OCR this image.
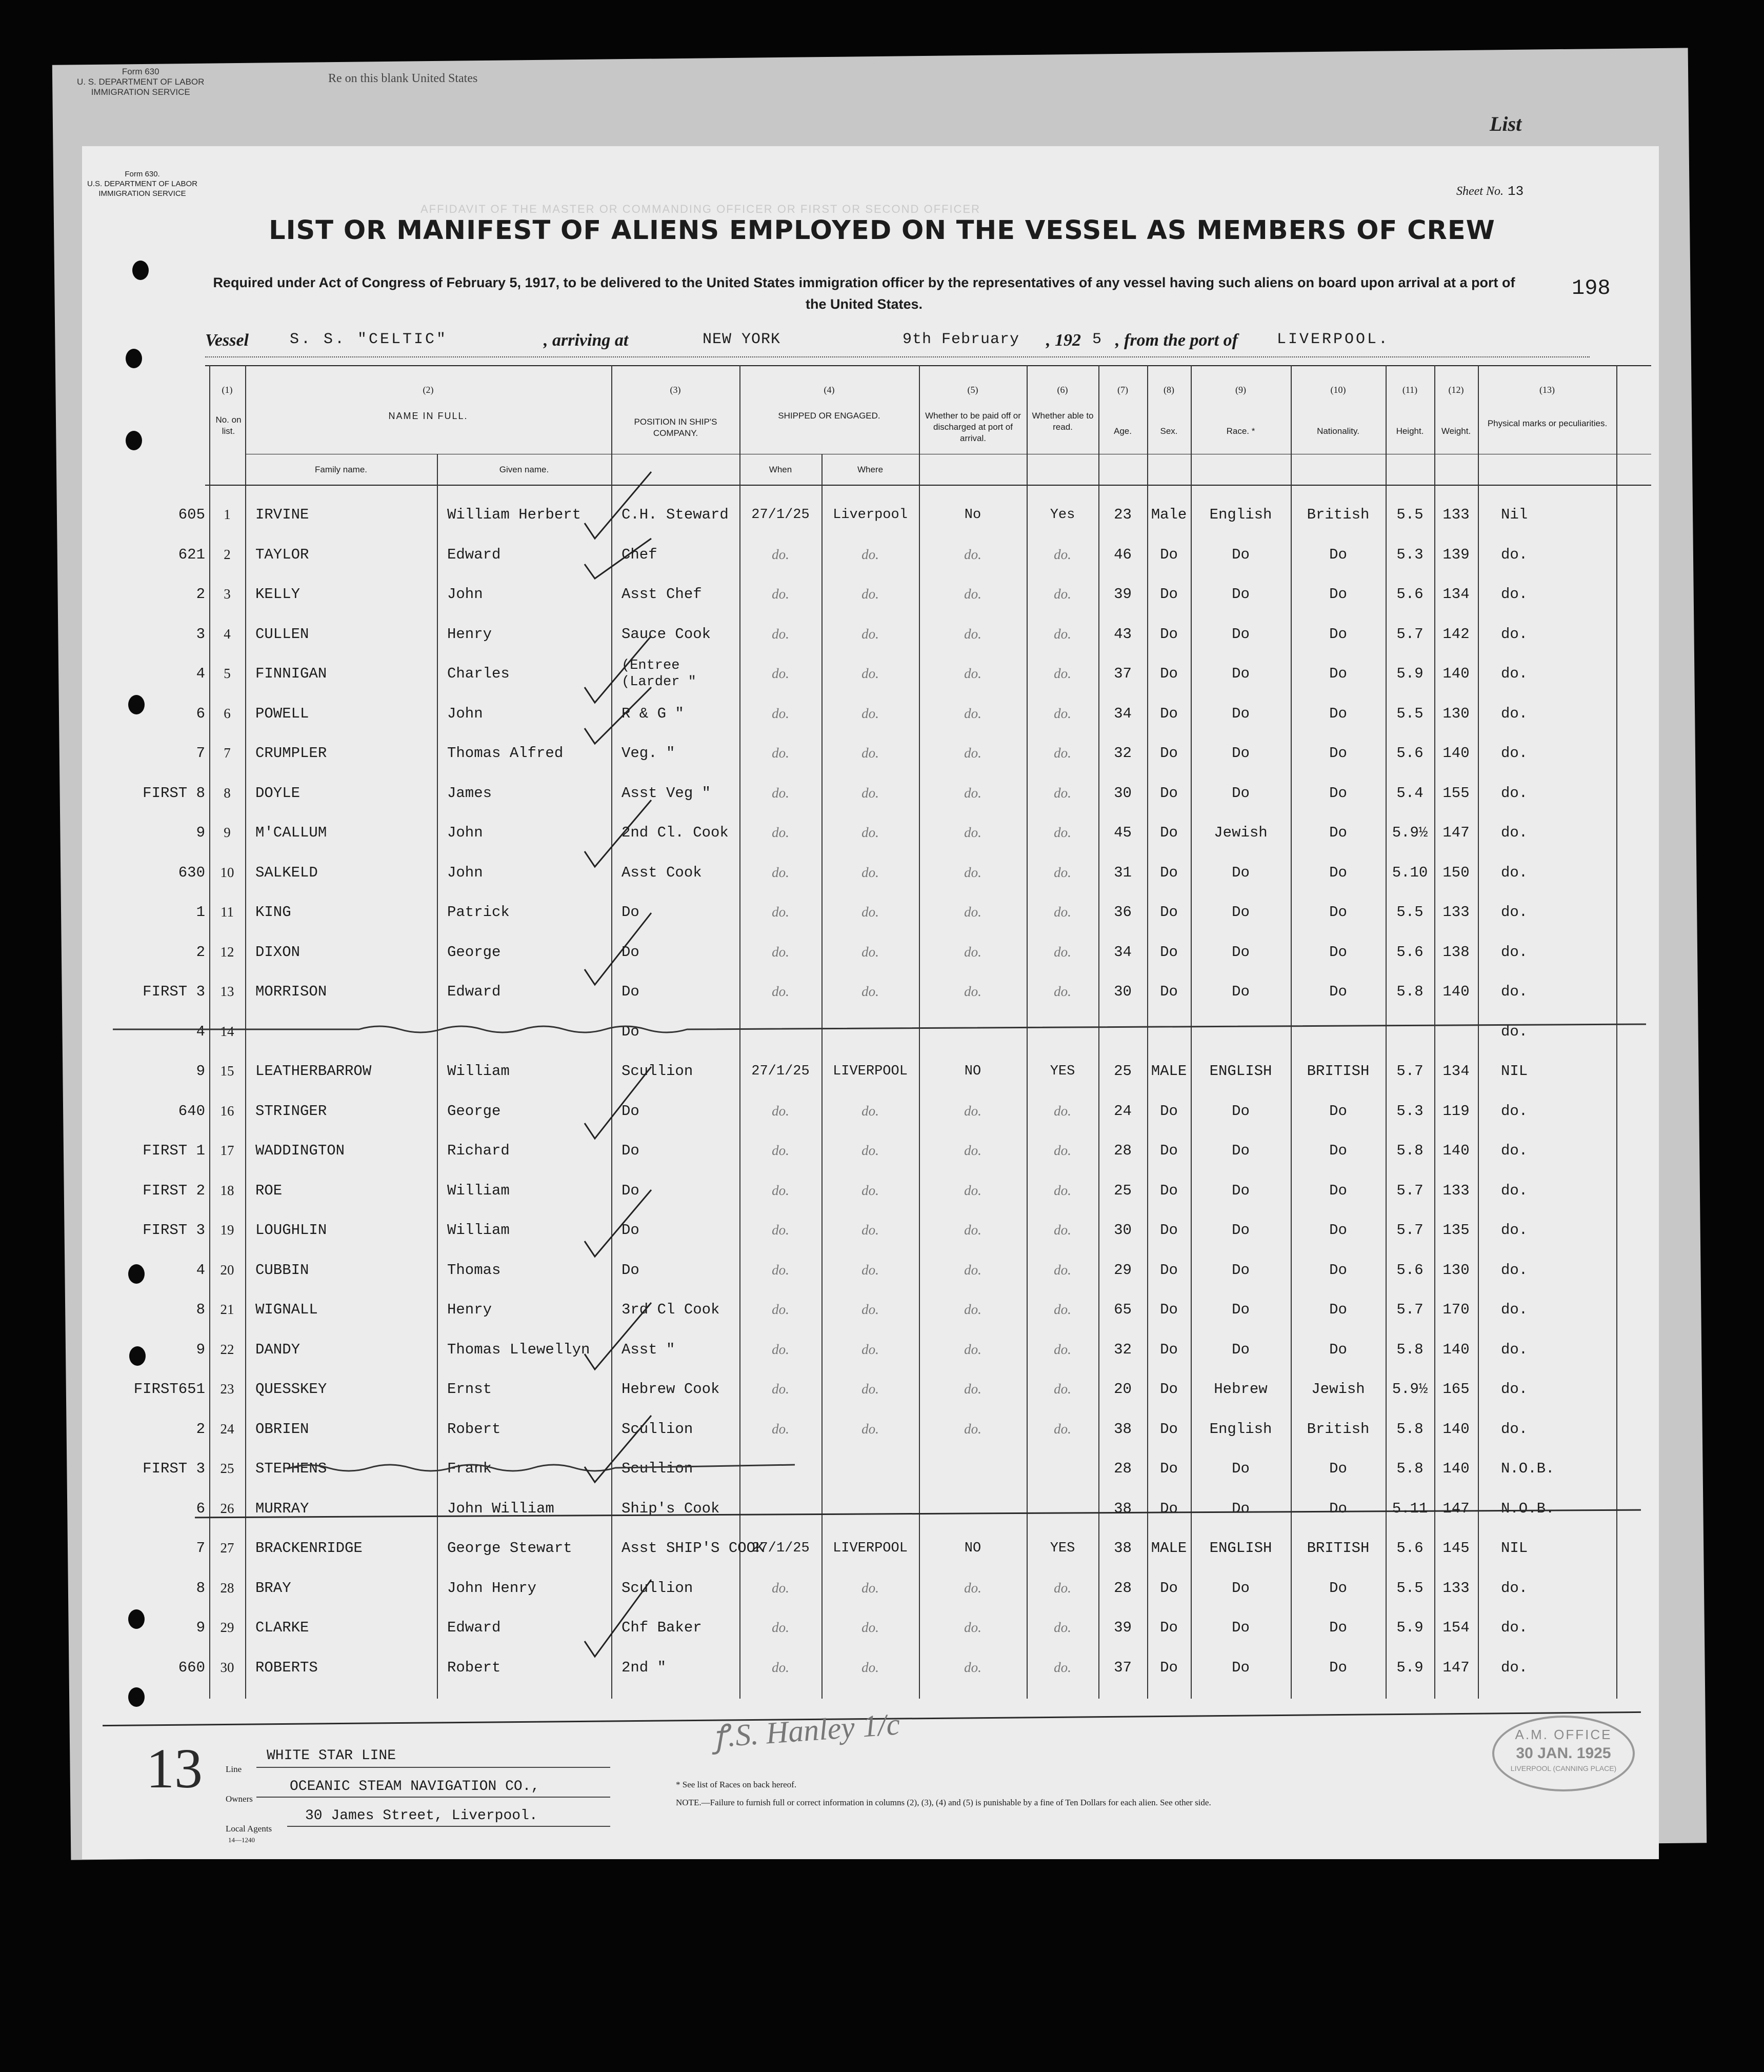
Form 630
U. S. DEPARTMENT OF LABOR
IMMIGRATION SERVICE
Re on this blank United States
List
Form 630.
U.S. DEPARTMENT OF LABOR
IMMIGRATION SERVICE	Sheet No. 13
AFFIDAVIT OF THE MASTER OR COMMANDING OFFICER OR FIRST OR SECOND OFFICER
LIST OR MANIFEST OF ALIENS EMPLOYED ON THE VESSEL AS MEMBERS OF CREW
Required under Act of Congress of February 5, 1917, to be delivered to the United States immigration officer by the representatives of any vessel having such aliens on board upon arrival at a port of the United States.
198
Vessel	S. S. "CELTIC"	, arriving at	NEW YORK	9th February , 192 5 , from the port of	LIVERPOOL.
(1)	(2)	(3)	(4)	(5)	(6)	(7)	(8)	(9)	(10)	(11)	(12)	(13)
No. on list.
NAME IN FULL.
Family name.	Given name.
POSITION IN SHIP'S COMPANY.
SHIPPED OR ENGAGED.
When	Where
Whether to be paid off or discharged at port of arrival.
Whether able to read.	Age.	Sex.	Race. *	Nationality.	Height.	Weight.
Physical marks or peculiarities.
605	1	IRVINE	William Herbert	C.H. Steward	27/1/25	Liverpool	No	Yes	23	Male	English	British	5.5	133	Nil
621	2	TAYLOR	Edward	Chef	do.	do.	do.	do.	46	Do	Do	Do	5.3	139	do.
2	3	KELLY	John	Asst Chef	do.	do.	do.	do.	39	Do	Do	Do	5.6	134	do.
3	4	CULLEN	Henry	Sauce Cook	do.	do.	do.	do.	43	Do	Do	Do	5.7	142	do.
4	5	FINNIGAN	Charles	(Entree
(Larder "	do.	do.	do.	do.	37	Do	Do	Do	5.9	140	do.
6	6	POWELL	John	R & G "	do.	do.	do.	do.	34	Do	Do	Do	5.5	130	do.
7	7	CRUMPLER	Thomas Alfred	Veg. "	do.	do.	do.	do.	32	Do	Do	Do	5.6	140	do.
FIRST 8	8	DOYLE	James	Asst Veg "	do.	do.	do.	do.	30	Do	Do	Do	5.4	155	do.
9	9	M'CALLUM	John	2nd Cl. Cook	do.	do.	do.	do.	45	Do	Jewish	Do	5.9½	147	do.
630	10	SALKELD	John	Asst Cook	do.	do.	do.	do.	31	Do	Do	Do	5.10	150	do.
1	11	KING	Patrick	Do	do.	do.	do.	do.	36	Do	Do	Do	5.5	133	do.
2	12	DIXON	George	Do	do.	do.	do.	do.	34	Do	Do	Do	5.6	138	do.
FIRST 3	13	MORRISON	Edward	Do	do.	do.	do.	do.	30	Do	Do	Do	5.8	140	do.
4	14			Do											do.
9	15	LEATHERBARROW	William	Scullion	27/1/25	LIVERPOOL	NO	YES	25	MALE	ENGLISH	BRITISH	5.7	134	NIL
640	16	STRINGER	George	Do	do.	do.	do.	do.	24	Do	Do	Do	5.3	119	do.
FIRST 1	17	WADDINGTON	Richard	Do	do.	do.	do.	do.	28	Do	Do	Do	5.8	140	do.
FIRST 2	18	ROE	William	Do	do.	do.	do.	do.	25	Do	Do	Do	5.7	133	do.
FIRST 3	19	LOUGHLIN	William	Do	do.	do.	do.	do.	30	Do	Do	Do	5.7	135	do.
4	20	CUBBIN	Thomas	Do	do.	do.	do.	do.	29	Do	Do	Do	5.6	130	do.
8	21	WIGNALL	Henry	3rd Cl Cook	do.	do.	do.	do.	65	Do	Do	Do	5.7	170	do.
9	22	DANDY	Thomas Llewellyn	Asst "	do.	do.	do.	do.	32	Do	Do	Do	5.8	140	do.
FIRST651	23	QUESSKEY	Ernst	Hebrew Cook	do.	do.	do.	do.	20	Do	Hebrew	Jewish	5.9½	165	do.
2	24	OBRIEN	Robert	Scullion	do.	do.	do.	do.	38	Do	English	British	5.8	140	do.
FIRST 3	25	STEPHENS	Frank	Scullion					28	Do	Do	Do	5.8	140	N.O.B.
6	26	MURRAY	John William	Ship's Cook					38	Do	Do	Do	5.11	147	N.O.B.
7	27	BRACKENRIDGE	George Stewart	Asst SHIP'S COOK	27/1/25	LIVERPOOL	NO	YES	38	MALE	ENGLISH	BRITISH	5.6	145	NIL
8	28	BRAY	John Henry	Scullion	do.	do.	do.	do.	28	Do	Do	Do	5.5	133	do.
9	29	CLARKE	Edward	Chf Baker	do.	do.	do.	do.	39	Do	Do	Do	5.9	154	do.
660	30	ROBERTS	Robert	2nd "	do.	do.	do.	do.	37	Do	Do	Do	5.9	147	do.
13
ꝭ.S. Hanley 1/c
Line
WHITE STAR LINE
Owners
OCEANIC STEAM NAVIGATION CO.,
Local Agents
30 James Street, Liverpool.
14—1240
* See list of Races on back hereof.
NOTE.—Failure to furnish full or correct information in columns (2), (3), (4) and (5) is punishable by a fine of Ten Dollars for each alien. See other side.
A.M. OFFICE
30 JAN. 1925
LIVERPOOL (CANNING PLACE)
